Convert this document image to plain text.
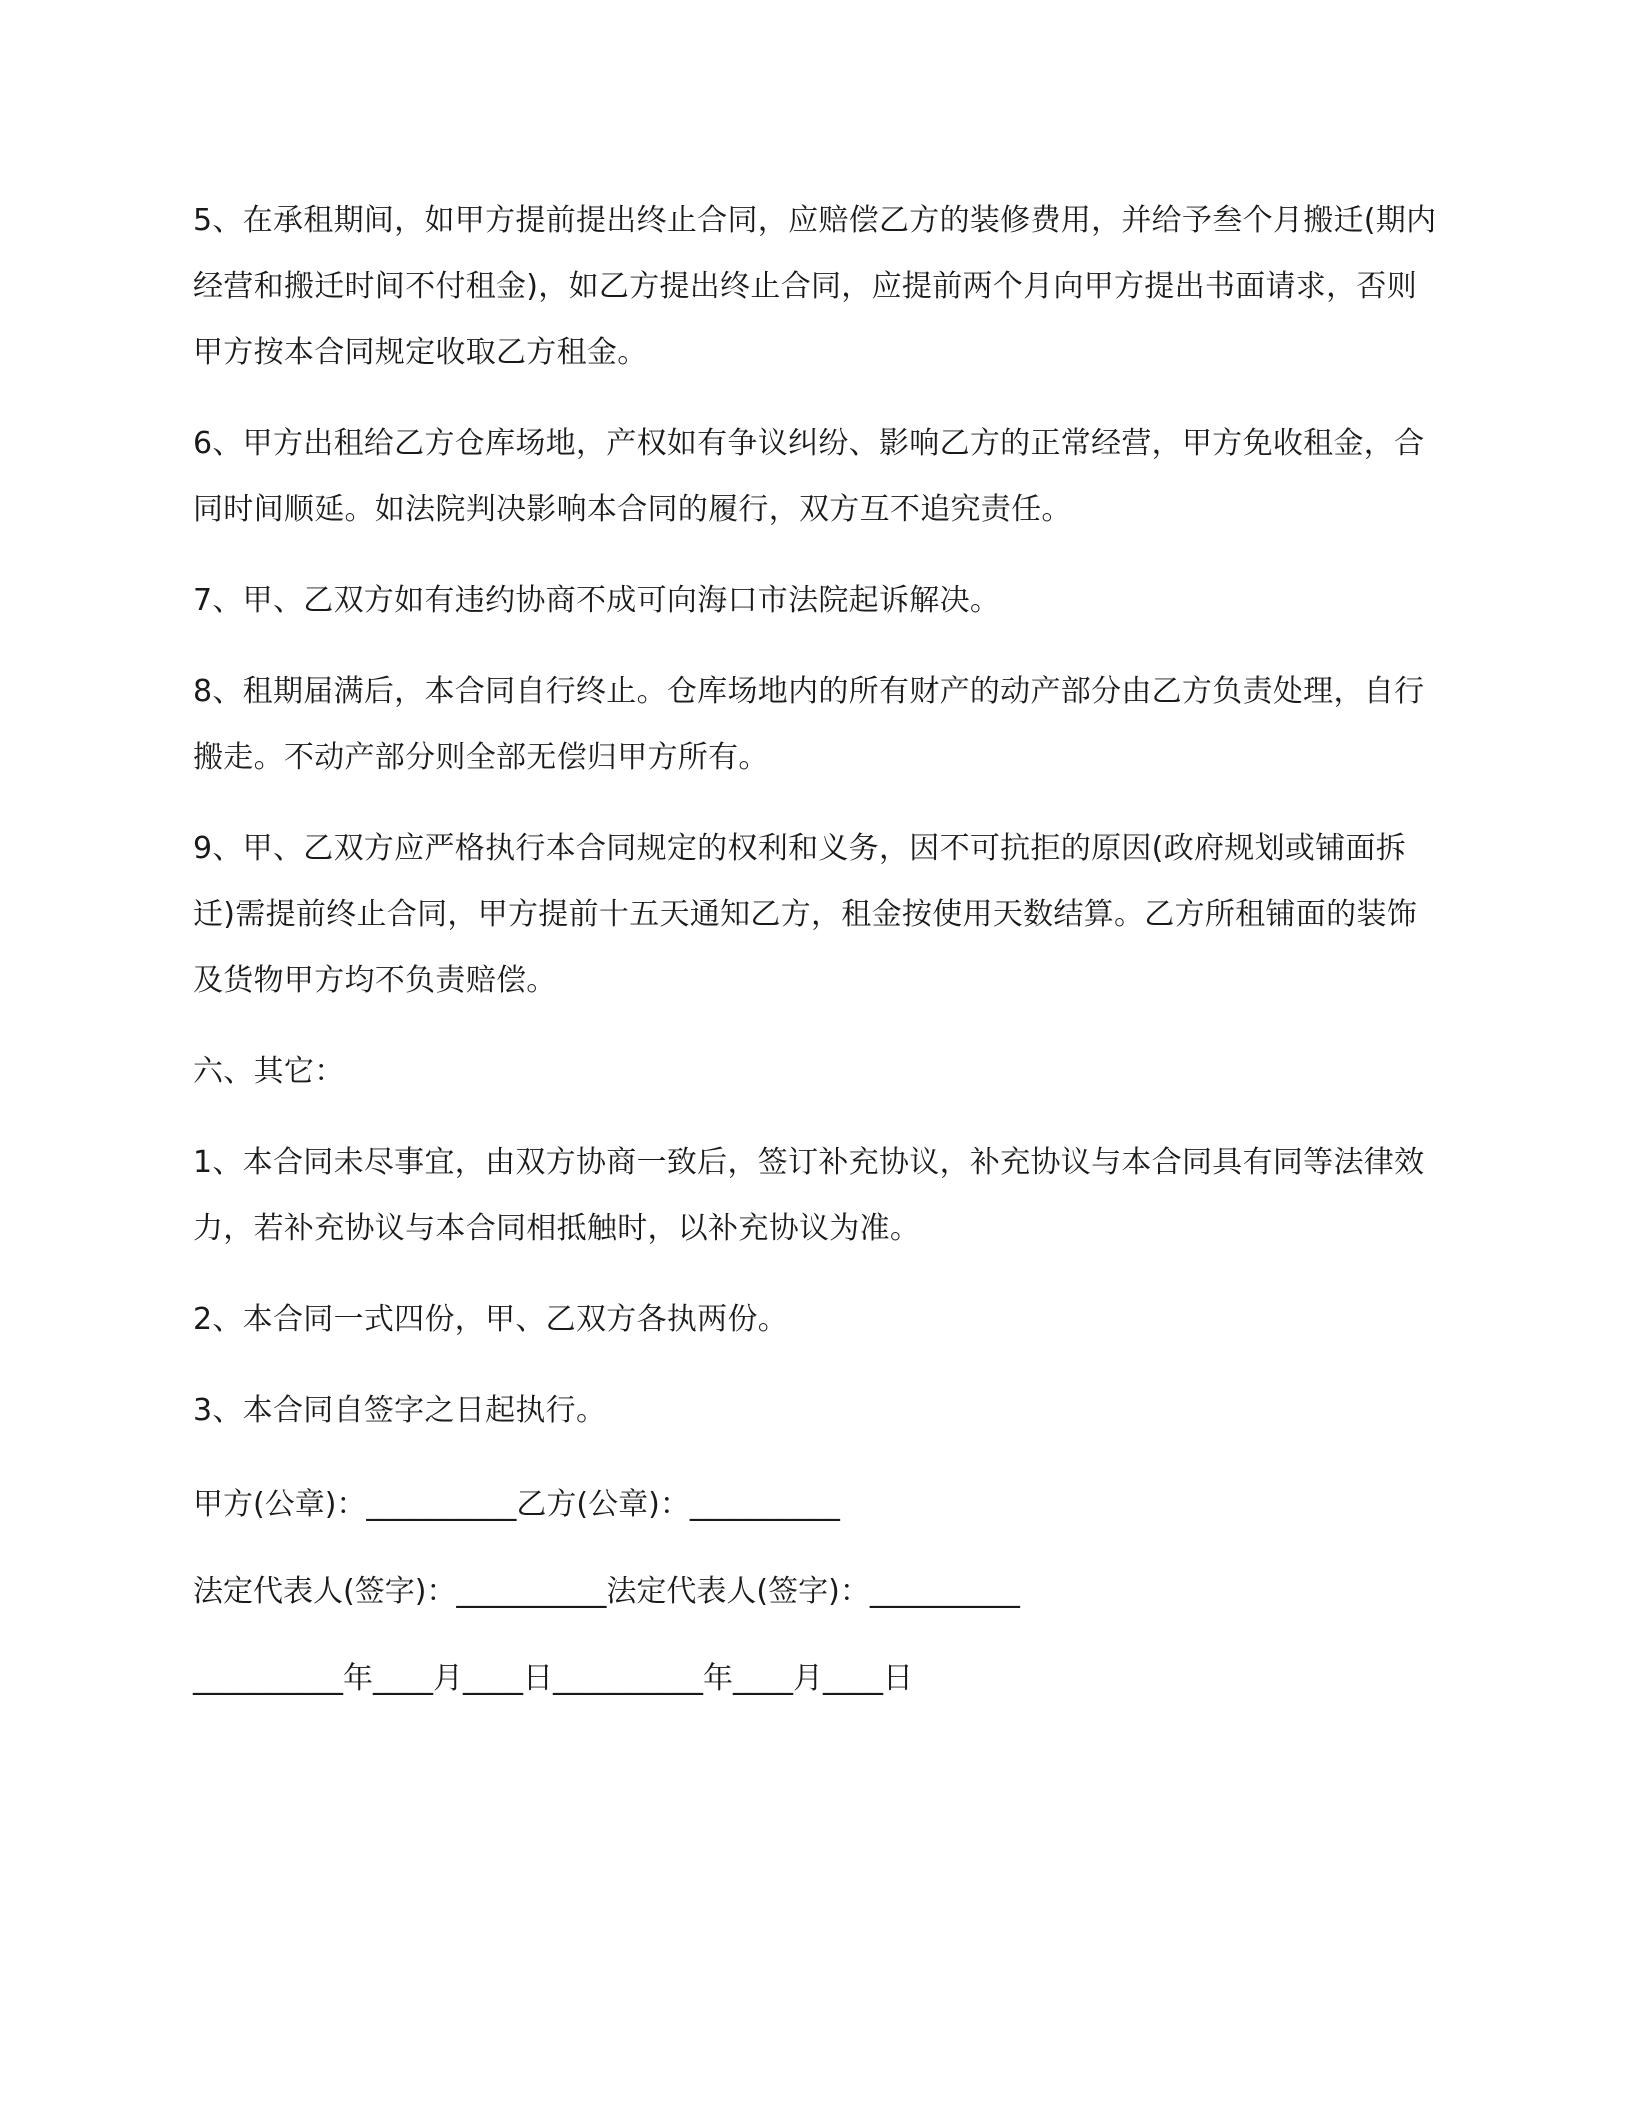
5、在承租期间，如甲方提前提出终止合同，应赔偿乙方的装修费用，并给予叁个月搬迁(期内经营和搬迁时间不付租金)，如乙方提出终止合同，应提前两个月向甲方提出书面请求，否则甲方按本合同规定收取乙方租金。

6、甲方出租给乙方仓库场地，产权如有争议纠纷、影响乙方的正常经营，甲方免收租金，合同时间顺延。如法院判决影响本合同的履行，双方互不追究责任。

7、甲、乙双方如有违约协商不成可向海口市法院起诉解决。

8、租期届满后，本合同自行终止。仓库场地内的所有财产的动产部分由乙方负责处理，自行搬走。不动产部分则全部无偿归甲方所有。

9、甲、乙双方应严格执行本合同规定的权利和义务，因不可抗拒的原因(政府规划或铺面拆迁)需提前终止合同，甲方提前十五天通知乙方，租金按使用天数结算。乙方所租铺面的装饰及货物甲方均不负责赔偿。

六、其它：

1、本合同未尽事宜，由双方协商一致后，签订补充协议，补充协议与本合同具有同等法律效力，若补充协议与本合同相抵触时，以补充协议为准。

2、本合同一式四份，甲、乙双方各执两份。

3、本合同自签字之日起执行。

甲方(公章)：__________乙方(公章)：__________

法定代表人(签字)：__________法定代表人(签字)：__________

__________年____月____日__________年____月____日
